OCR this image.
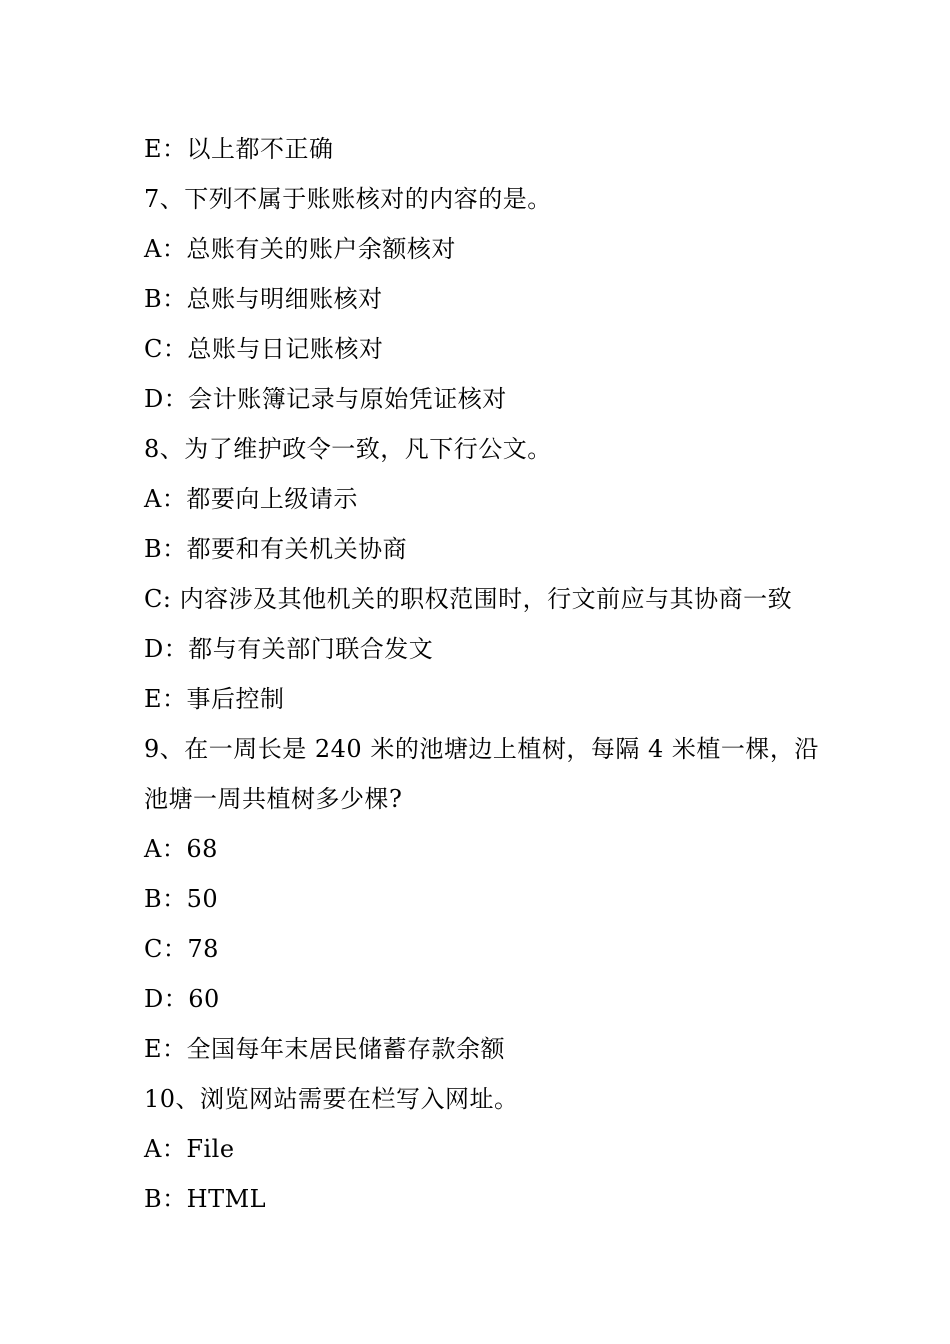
E：以上都不正确
7、下列不属于账账核对的内容的是。
A：总账有关的账户余额核对
B：总账与明细账核对
C：总账与日记账核对
D：会计账簿记录与原始凭证核对
8、为了维护政令一致，凡下行公文。
A：都要向上级请示
B：都要和有关机关协商
C: 内容涉及其他机关的职权范围时，行文前应与其协商一致
D：都与有关部门联合发文
E：事后控制
9、在一周长是 240 米的池塘边上植树，每隔 4 米植一棵，沿
池塘一周共植树多少棵?
A：68
B：50
C：78
D：60
E：全国每年末居民储蓄存款余额
10、浏览网站需要在栏写入网址。
A：File
B：HTML
